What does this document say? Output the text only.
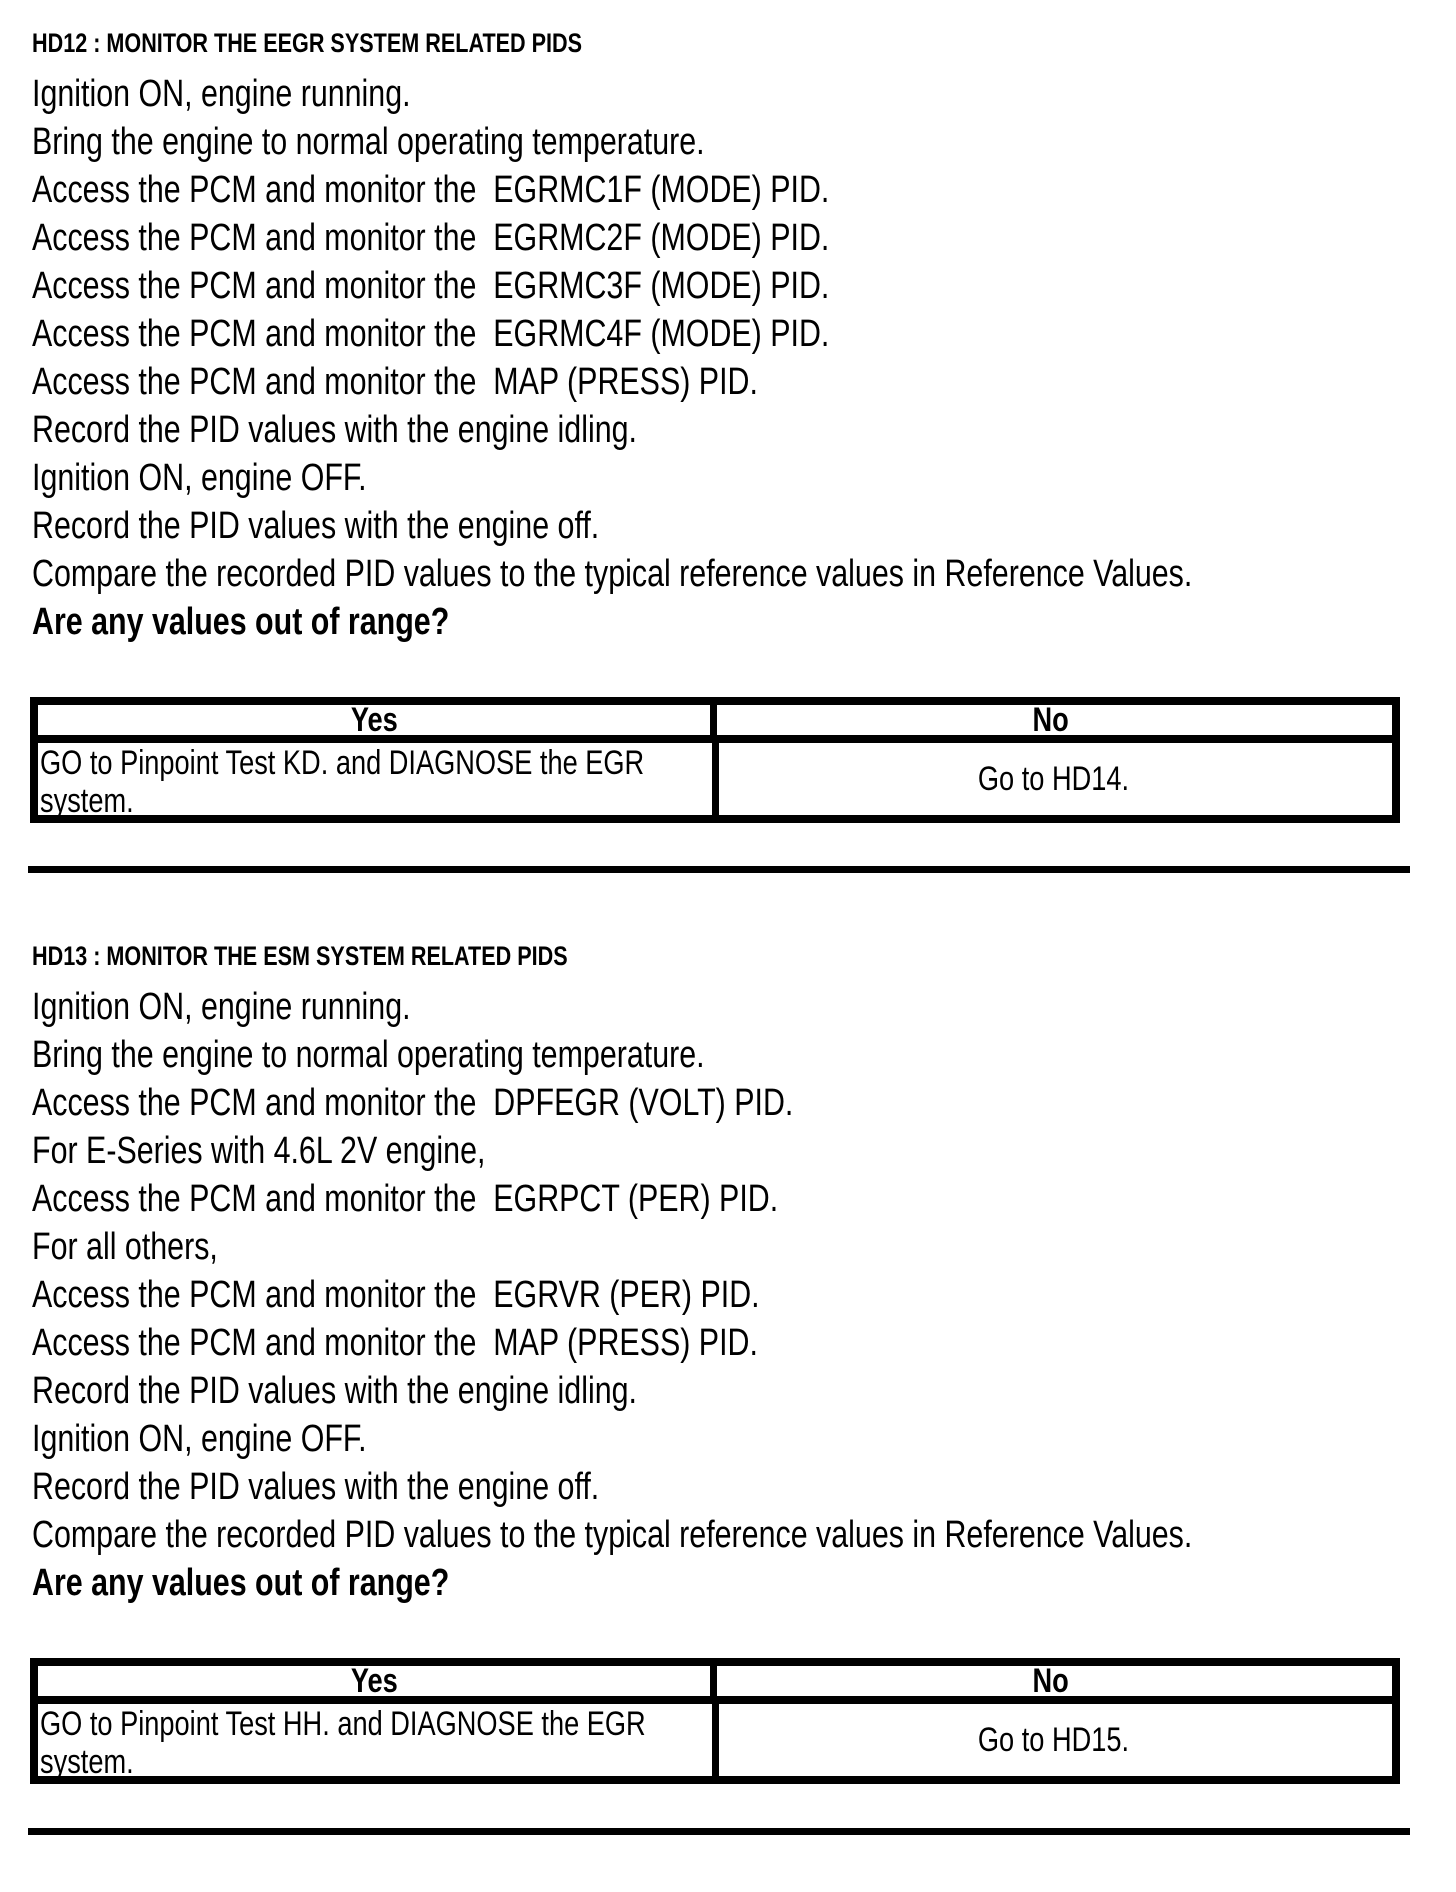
HD12 : MONITOR THE EEGR SYSTEM RELATED PIDS
Ignition ON, engine running.
Bring the engine to normal operating temperature.
Access the PCM and monitor the  EGRMC1F (MODE) PID.
Access the PCM and monitor the  EGRMC2F (MODE) PID.
Access the PCM and monitor the  EGRMC3F (MODE) PID.
Access the PCM and monitor the  EGRMC4F (MODE) PID.
Access the PCM and monitor the  MAP (PRESS) PID.
Record the PID values with the engine idling.
Ignition ON, engine OFF.
Record the PID values with the engine off.
Compare the recorded PID values to the typical reference values in Reference Values.
Are any values out of range?
Yes	No
GO to Pinpoint Test KD. and DIAGNOSE the EGR system.
Go to HD14.
HD13 : MONITOR THE ESM SYSTEM RELATED PIDS
Ignition ON, engine running.
Bring the engine to normal operating temperature.
Access the PCM and monitor the  DPFEGR (VOLT) PID.
For E-Series with 4.6L 2V engine,
Access the PCM and monitor the  EGRPCT (PER) PID.
For all others,
Access the PCM and monitor the  EGRVR (PER) PID.
Access the PCM and monitor the  MAP (PRESS) PID.
Record the PID values with the engine idling.
Ignition ON, engine OFF.
Record the PID values with the engine off.
Compare the recorded PID values to the typical reference values in Reference Values.
Are any values out of range?
Yes	No
GO to Pinpoint Test HH. and DIAGNOSE the EGR system.
Go to HD15.
